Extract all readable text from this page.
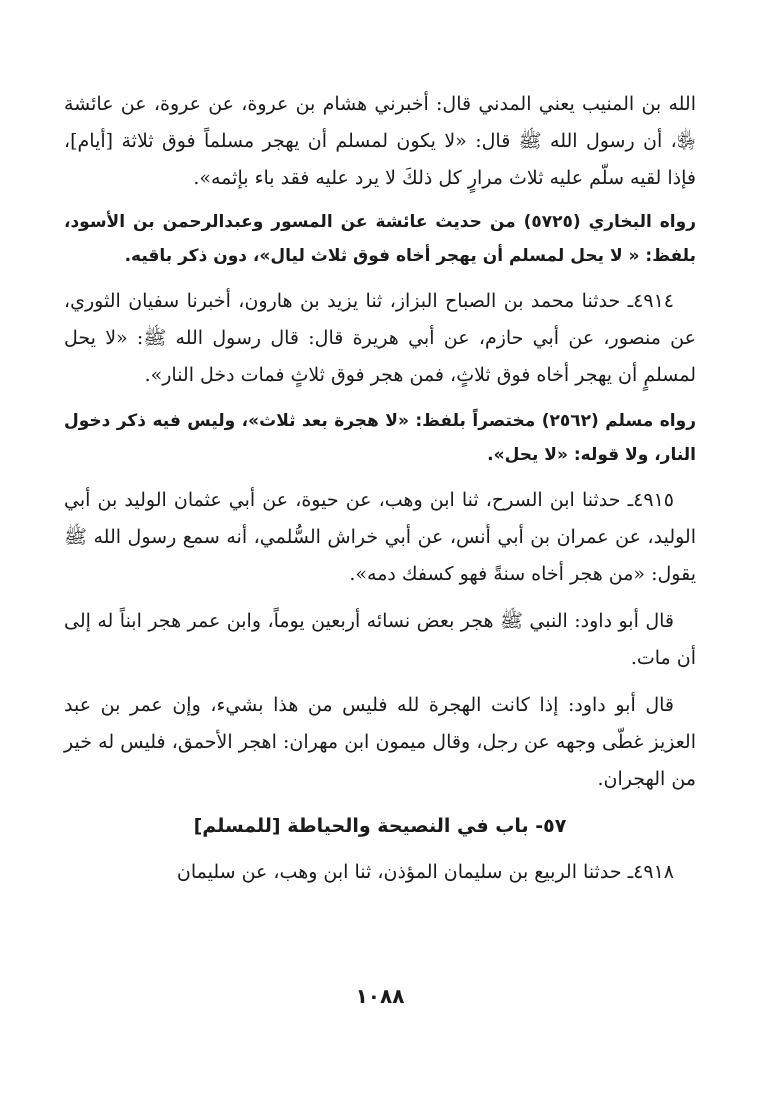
الله بن المنيب يعني المدني قال: أخبرني هشام بن عروة، عن عروة، عن عائشة ﵂، أن رسول الله ﷺ قال: «لا يكون لمسلم أن يهجر مسلماً فوق ثلاثة [أيام]، فإذا لقيه سلّم عليه ثلاث مرارٍ كل ذلكَ لا يرد عليه فقد باء بإثمه».

رواه البخاري (٥٧٢٥) من حديث عائشة عن المسور وعبدالرحمن بن الأسود، بلفظ: « لا يحل لمسلم أن يهجر أخاه فوق ثلاث ليال»، دون ذكر باقيه.

٤٩١٤ـ حدثنا محمد بن الصباح البزاز، ثنا يزيد بن هارون، أخبرنا سفيان الثوري، عن منصور، عن أبي حازم، عن أبي هريرة قال: قال رسول الله ﷺ: «لا يحل لمسلمٍ أن يهجر أخاه فوق ثلاثٍ، فمن هجر فوق ثلاثٍ فمات دخل النار».

رواه مسلم (٢٥٦٢) مختصراً بلفظ: «لا هجرة بعد ثلاث»، وليس فيه ذكر دخول النار، ولا قوله: «لا يحل».

٤٩١٥ـ حدثنا ابن السرح، ثنا ابن وهب، عن حيوة، عن أبي عثمان الوليد بن أبي الوليد، عن عمران بن أبي أنس، عن أبي خراش السُّلمي، أنه سمع رسول الله ﷺ يقول: «من هجر أخاه سنةً فهو كسفك دمه».

قال أبو داود: النبي ﷺ هجر بعض نسائه أربعين يوماً، وابن عمر هجر ابناً له إلى أن مات.

قال أبو داود: إذا كانت الهجرة لله فليس من هذا بشيء، وإن عمر بن عبد العزيز غطّى وجهه عن رجل، وقال ميمون ابن مهران: اهجر الأحمق، فليس له خير من الهجران.

٥٧- باب في النصيحة والحياطة [للمسلم]

٤٩١٨ـ حدثنا الربيع بن سليمان المؤذن، ثنا ابن وهب، عن سليمان

١٠٨٨
